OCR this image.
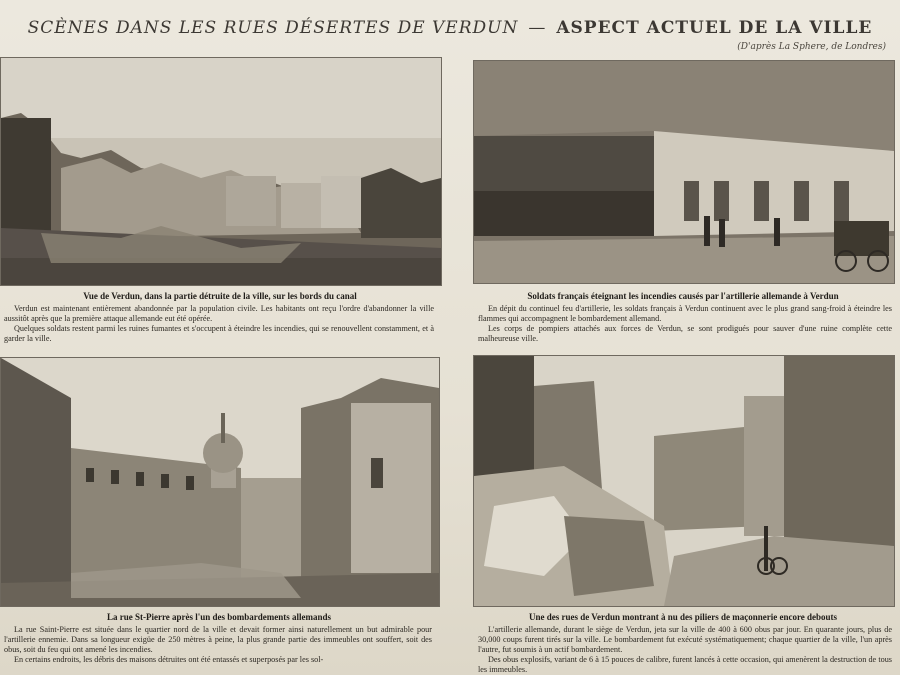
SCÈNES DANS LES RUES DÉSERTES DE VERDUN — ASPECT ACTUEL DE LA VILLE
(D'après La Sphere, de Londres)
Vue de Verdun, dans la partie détruite de la ville, sur les bords du canal

Verdun est maintenant entièrement abandonnée par la population civile. Les habitants ont reçu l'ordre d'abandonner la ville aussitôt après que la première attaque allemande eut été opérée.

Quelques soldats restent parmi les ruines fumantes et s'occupent à éteindre les incendies, qui se renouvellent constamment, et à garder la ville.

Soldats français éteignant les incendies causés par l'artillerie allemande à Verdun

En dépit du continuel feu d'artillerie, les soldats français à Verdun continuent avec le plus grand sang-froid à éteindre les flammes qui accompagnent le bombardement allemand.

Les corps de pompiers attachés aux forces de Verdun, se sont prodigués pour sauver d'une ruine complète cette malheureuse ville.

La rue St-Pierre après l'un des bombardements allemands

La rue Saint-Pierre est située dans le quartier nord de la ville et devait former ainsi naturellement un but admirable pour l'artillerie ennemie. Dans sa longueur exigüe de 250 mètres à peine, la plus grande partie des immeubles ont souffert, soit des obus, soit du feu qui ont amené les incendies.

En certains endroits, les débris des maisons détruites ont été entassés et superposés par les sol-

Une des rues de Verdun montrant à nu des piliers de maçonnerie encore debouts

L'artillerie allemande, durant le siège de Verdun, jeta sur la ville de 400 à 600 obus par jour. En quarante jours, plus de 30,000 coups furent tirés sur la ville. Le bombardement fut exécuté systématiquement; chaque quartier de la ville, l'un après l'autre, fut soumis à un actif bombardement.

Des obus explosifs, variant de 6 à 15 pouces de calibre, furent lancés à cette occasion, qui amenèrent la destruction de tous les immeubles.
